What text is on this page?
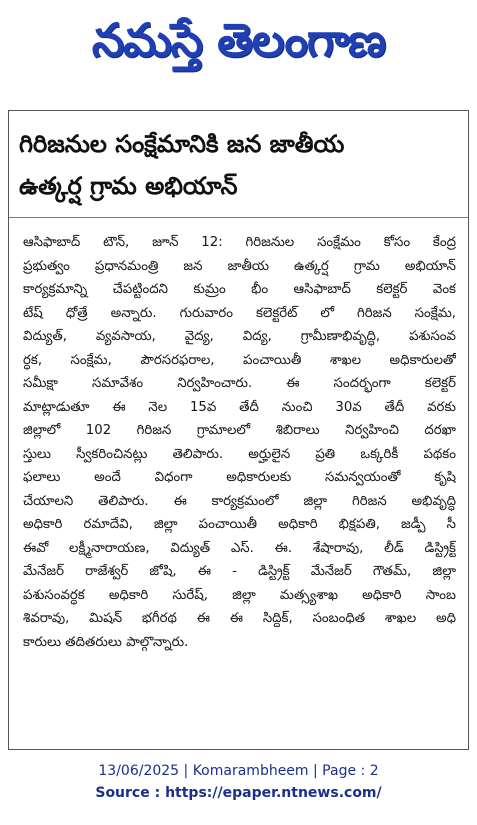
నమస్తే తెలంగాణ
గిరిజనుల సంక్షేమానికి జన జాతీయ
ఉత్కర్ష గ్రామ అభియాన్
ఆసిఫాబాద్ టౌన్, జూన్ 12: గిరిజనుల సంక్షేమం కోసం కేంద్ర
ప్రభుత్వం ప్రధానమంత్రి జన జాతీయ ఉత్కర్ష గ్రామ అభియాన్
కార్యక్రమాన్ని చేపట్టిందని కుమ్రం భీం ఆసిఫాబాద్ కలెక్టర్ వెంక
టేష్ ధోత్రే అన్నారు. గురువారం కలెక్టరేట్ లో గిరిజన సంక్షేమ,
విద్యుత్, వ్యవసాయ, వైద్య, విద్య, గ్రామీణాభివృద్ధి, పశుసంవ
ర్ధక, సంక్షేమ, పౌరసరఫరాల, పంచాయితీ శాఖల అధికారులతో
సమీక్షా సమావేశం నిర్వహించారు. ఈ సందర్భంగా కలెక్టర్
మాట్లాడుతూ ఈ నెల 15వ తేదీ నుంచి 30వ తేదీ వరకు
జిల్లాలో 102 గిరిజన గ్రామాలలో శిబిరాలు నిర్వహించి దరఖా
స్తులు స్వీకరించినట్లు తెలిపారు. అర్హులైన ప్రతి ఒక్కరికీ పథకం
ఫలాలు అందే విధంగా అధికారులకు సమన్వయంతో కృషి
చేయాలని తెలిపారు. ఈ కార్యక్రమంలో జిల్లా గిరిజన అభివృద్ధి
అధికారి రమాదేవి, జిల్లా పంచాయితీ అధికారి భిక్షపతి, జడ్పీ సీ
ఈవో లక్ష్మీనారాయణ, విద్యుత్ ఎస్. ఈ. శేషారావు, లీడ్ డిస్ట్రిక్ట్
మేనేజర్ రాజేశ్వర్ జోషి, ఈ - డిస్ట్రిక్ట్ మేనేజర్ గౌతమ్, జిల్లా
పశుసంవర్ధక అధికారి సురేష్, జిల్లా మత్స్యశాఖ అధికారి సాంబ
శివరావు, మిషన్ భగీరథ ఈ ఈ సిద్దిక్, సంబంధిత శాఖల అధి
కారులు తదితరులు పాల్గొన్నారు.
13/06/2025 | Komarambheem | Page : 2
Source : https://epaper.ntnews.com/
